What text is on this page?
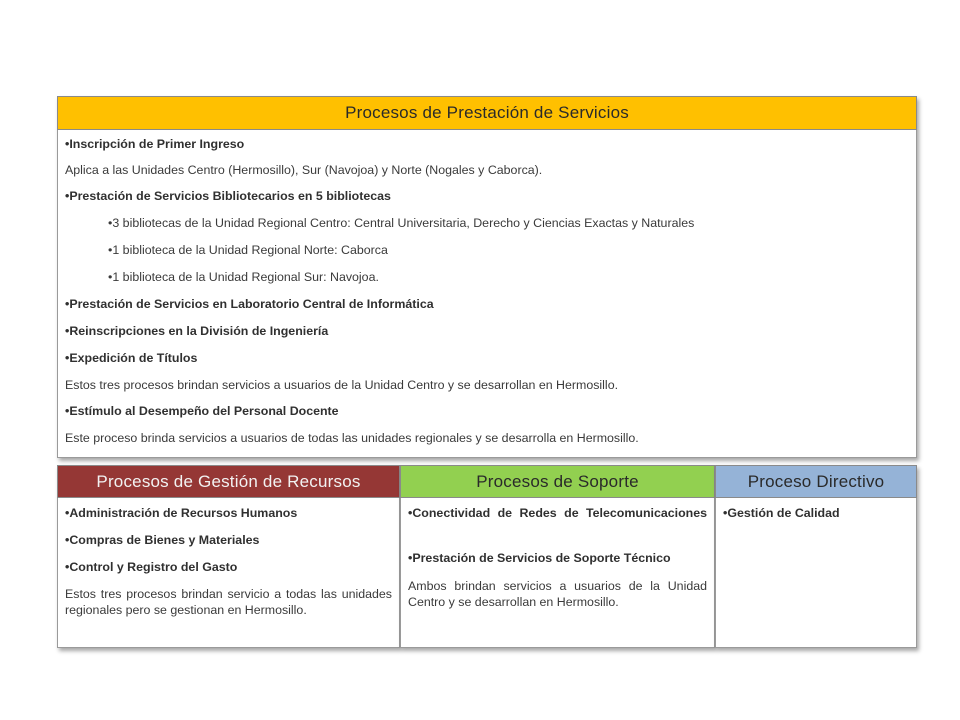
Procesos de Prestación de Servicios
• Inscripción de Primer Ingreso
Aplica a las Unidades Centro (Hermosillo), Sur (Navojoa) y Norte (Nogales y Caborca).
• Prestación de Servicios Bibliotecarios en 5 bibliotecas
• 3 bibliotecas de la Unidad Regional Centro: Central Universitaria, Derecho y Ciencias Exactas y Naturales
• 1 biblioteca de la Unidad Regional Norte: Caborca
• 1 biblioteca de la Unidad Regional Sur: Navojoa.
• Prestación de Servicios en Laboratorio Central de Informática
• Reinscripciones en la División de Ingeniería
• Expedición de Títulos
Estos tres procesos brindan servicios a usuarios de la Unidad Centro y se desarrollan en Hermosillo.
• Estímulo al Desempeño del Personal Docente
Este proceso brinda servicios a usuarios de todas las unidades regionales y se desarrolla en Hermosillo.
Procesos de Gestión de Recursos
• Administración de Recursos Humanos
• Compras de Bienes y Materiales
• Control y Registro del Gasto
Estos tres procesos brindan servicio a todas las unidades regionales pero se gestionan en Hermosillo.
Procesos de Soporte
• Conectividad de Redes de Telecomunicaciones
• Prestación de Servicios de Soporte Técnico
Ambos brindan servicios a usuarios de la Unidad Centro y se desarrollan en Hermosillo.
Proceso Directivo
• Gestión de Calidad
